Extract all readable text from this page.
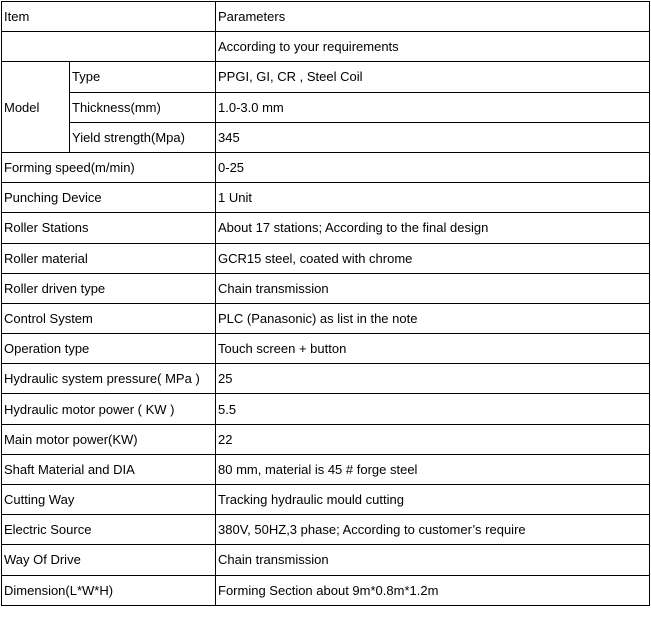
Item		Parameters
		According to your requirements
Model	Type	PPGI, GI, CR , Steel Coil
	Thickness(mm)	1.0-3.0 mm
	Yield strength(Mpa)	345
Forming speed(m/min)		0-25
Punching Device		1 Unit
Roller Stations		About 17 stations; According to the final design
Roller material		GCR15 steel, coated with chrome
Roller driven type		Chain transmission
Control System		PLC (Panasonic) as list in the note
Operation type		Touch screen + button
Hydraulic system pressure( MPa )		25
Hydraulic motor power ( KW )		5.5
Main motor power(KW)		22
Shaft Material and DIA		80 mm, material is 45 # forge steel
Cutting Way		Tracking hydraulic mould cutting
Electric Source		380V, 50HZ,3 phase; According to customer’s require
Way Of Drive		Chain transmission
Dimension(L*W*H)		Forming Section about 9m*0.8m*1.2m
